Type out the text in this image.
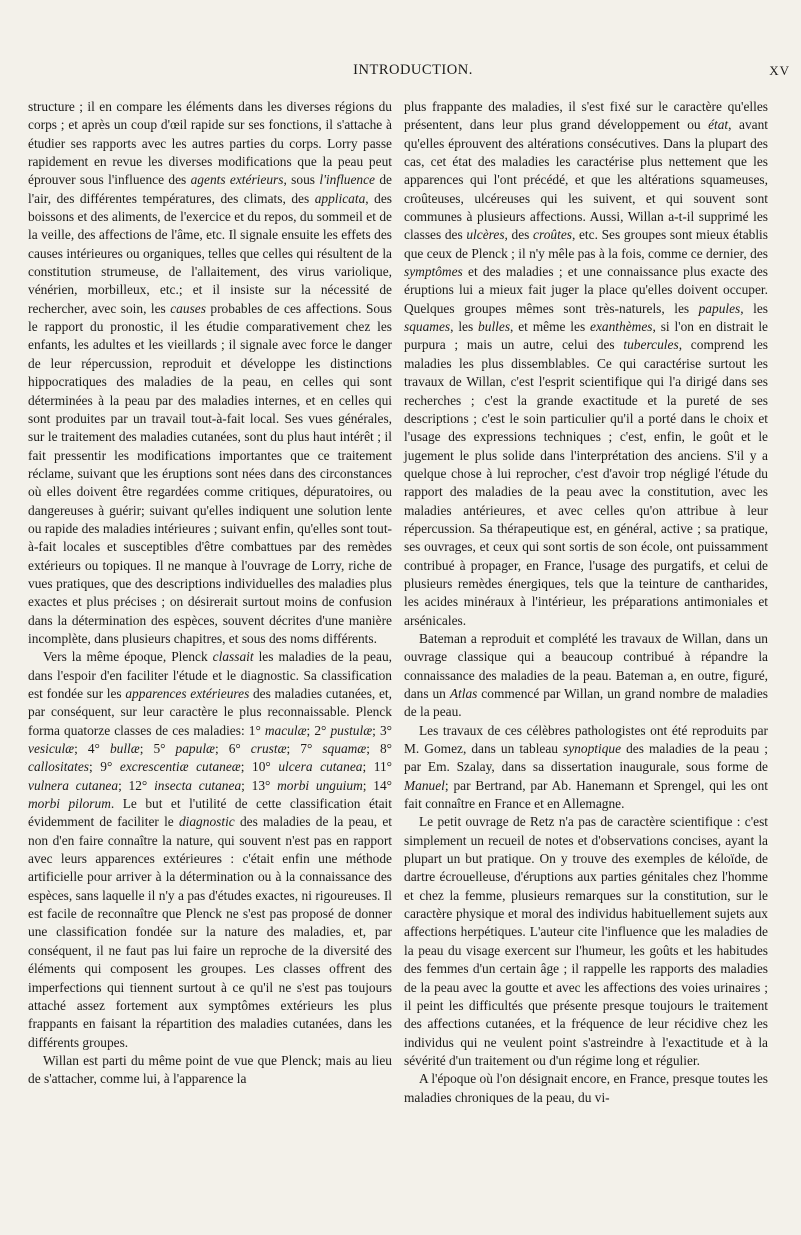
INTRODUCTION.	XV

structure ; il en compare les éléments dans les diverses régions du corps ; et après un coup d'œil rapide sur ses fonctions, il s'attache à étudier ses rapports avec les autres parties du corps. Lorry passe rapidement en revue les diverses modifications que la peau peut éprouver sous l'influence des agents extérieurs, sous l'influence de l'air, des différentes températures, des climats, des applicata, des boissons et des aliments, de l'exercice et du repos, du sommeil et de la veille, des affections de l'âme, etc. Il signale ensuite les effets des causes intérieures ou organiques, telles que celles qui résultent de la constitution strumeuse, de l'allaitement, des virus variolique, vénérien, morbilleux, etc.; et il insiste sur la nécessité de rechercher, avec soin, les causes probables de ces affections. Sous le rapport du pronostic, il les étudie comparativement chez les enfants, les adultes et les vieillards ; il signale avec force le danger de leur répercussion, reproduit et développe les distinctions hippocratiques des maladies de la peau, en celles qui sont déterminées à la peau par des maladies internes, et en celles qui sont produites par un travail tout-à-fait local. Ses vues générales, sur le traitement des maladies cutanées, sont du plus haut intérêt ; il fait pressentir les modifications importantes que ce traitement réclame, suivant que les éruptions sont nées dans des circonstances où elles doivent être regardées comme critiques, dépuratoires, ou dangereuses à guérir; suivant qu'elles indiquent une solution lente ou rapide des maladies intérieures ; suivant enfin, qu'elles sont tout-à-fait locales et susceptibles d'être combattues par des remèdes extérieurs ou topiques. Il ne manque à l'ouvrage de Lorry, riche de vues pratiques, que des descriptions individuelles des maladies plus exactes et plus précises ; on désirerait surtout moins de confusion dans la détermination des espèces, souvent décrites d'une manière incomplète, dans plusieurs chapitres, et sous des noms différents.

Vers la même époque, Plenck classait les maladies de la peau, dans l'espoir d'en faciliter l'étude et le diagnostic. Sa classification est fondée sur les apparences extérieures des maladies cutanées, et, par conséquent, sur leur caractère le plus reconnaissable. Plenck forma quatorze classes de ces maladies: 1° maculæ; 2° pustulæ; 3° vesiculæ; 4° bullæ; 5° papulæ; 6° crustæ; 7° squamæ; 8° callositates; 9° excrescentiæ cutaneæ; 10° ulcera cutanea; 11° vulnera cutanea; 12° insecta cutanea; 13° morbi unguium; 14° morbi pilorum. Le but et l'utilité de cette classification était évidemment de faciliter le diagnostic des maladies de la peau, et non d'en faire connaître la nature, qui souvent n'est pas en rapport avec leurs apparences extérieures : c'était enfin une méthode artificielle pour arriver à la détermination ou à la connaissance des espèces, sans laquelle il n'y a pas d'études exactes, ni rigoureuses. Il est facile de reconnaître que Plenck ne s'est pas proposé de donner une classification fondée sur la nature des maladies, et, par conséquent, il ne faut pas lui faire un reproche de la diversité des éléments qui composent les groupes. Les classes offrent des imperfections qui tiennent surtout à ce qu'il ne s'est pas toujours attaché assez fortement aux symptômes extérieurs les plus frappants en faisant la répartition des maladies cutanées, dans les différents groupes.

Willan est parti du même point de vue que Plenck; mais au lieu de s'attacher, comme lui, à l'apparence la

plus frappante des maladies, il s'est fixé sur le caractère qu'elles présentent, dans leur plus grand développement ou état, avant qu'elles éprouvent des altérations consécutives. Dans la plupart des cas, cet état des maladies les caractérise plus nettement que les apparences qui l'ont précédé, et que les altérations squameuses, croûteuses, ulcéreuses qui les suivent, et qui souvent sont communes à plusieurs affections. Aussi, Willan a-t-il supprimé les classes des ulcères, des croûtes, etc. Ses groupes sont mieux établis que ceux de Plenck ; il n'y mêle pas à la fois, comme ce dernier, des symptômes et des maladies ; et une connaissance plus exacte des éruptions lui a mieux fait juger la place qu'elles doivent occuper. Quelques groupes mêmes sont très-naturels, les papules, les squames, les bulles, et même les exanthèmes, si l'on en distrait le purpura ; mais un autre, celui des tubercules, comprend les maladies les plus dissemblables. Ce qui caractérise surtout les travaux de Willan, c'est l'esprit scientifique qui l'a dirigé dans ses recherches ; c'est la grande exactitude et la pureté de ses descriptions ; c'est le soin particulier qu'il a porté dans le choix et l'usage des expressions techniques ; c'est, enfin, le goût et le jugement le plus solide dans l'interprétation des anciens. S'il y a quelque chose à lui reprocher, c'est d'avoir trop négligé l'étude du rapport des maladies de la peau avec la constitution, avec les maladies antérieures, et avec celles qu'on attribue à leur répercussion. Sa thérapeutique est, en général, active ; sa pratique, ses ouvrages, et ceux qui sont sortis de son école, ont puissamment contribué à propager, en France, l'usage des purgatifs, et celui de plusieurs remèdes énergiques, tels que la teinture de cantharides, les acides minéraux à l'intérieur, les préparations antimoniales et arsénicales.

Bateman a reproduit et complété les travaux de Willan, dans un ouvrage classique qui a beaucoup contribué à répandre la connaissance des maladies de la peau. Bateman a, en outre, figuré, dans un Atlas commencé par Willan, un grand nombre de maladies de la peau.

Les travaux de ces célèbres pathologistes ont été reproduits par M. Gomez, dans un tableau synoptique des maladies de la peau ; par Em. Szalay, dans sa dissertation inaugurale, sous forme de Manuel; par Bertrand, par Ab. Hanemann et Sprengel, qui les ont fait connaître en France et en Allemagne.

Le petit ouvrage de Retz n'a pas de caractère scientifique : c'est simplement un recueil de notes et d'observations concises, ayant la plupart un but pratique. On y trouve des exemples de kéloïde, de dartre écrouelleuse, d'éruptions aux parties génitales chez l'homme et chez la femme, plusieurs remarques sur la constitution, sur le caractère physique et moral des individus habituellement sujets aux affections herpétiques. L'auteur cite l'influence que les maladies de la peau du visage exercent sur l'humeur, les goûts et les habitudes des femmes d'un certain âge ; il rappelle les rapports des maladies de la peau avec la goutte et avec les affections des voies urinaires ; il peint les difficultés que présente presque toujours le traitement des affections cutanées, et la fréquence de leur récidive chez les individus qui ne veulent point s'astreindre à l'exactitude et à la sévérité d'un traitement ou d'un régime long et régulier.

A l'époque où l'on désignait encore, en France, presque toutes les maladies chroniques de la peau, du vi-
